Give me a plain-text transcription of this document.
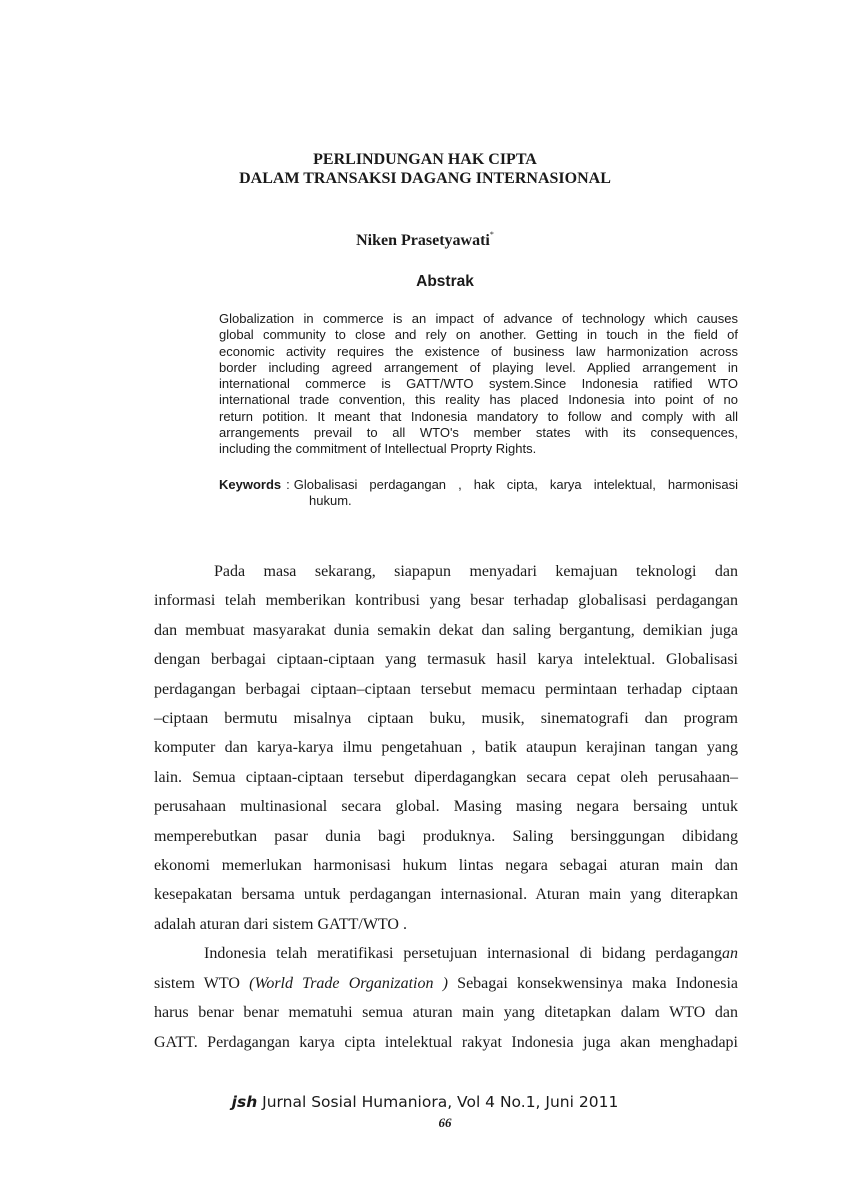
PERLINDUNGAN HAK CIPTA
DALAM TRANSAKSI DAGANG INTERNASIONAL
Niken Prasetyawati*
Abstrak
Globalization in commerce is an impact of advance of technology which causes
global community to close and rely on another. Getting in touch in the field of
economic activity requires the existence of business law harmonization across
border including agreed arrangement of playing level. Applied arrangement in
international commerce is GATT/WTO system.Since Indonesia ratified WTO
international trade convention, this reality has placed Indonesia into point of no
return potition. It meant that Indonesia mandatory to follow and comply with all
arrangements prevail to all WTO's member states with its consequences,
including the commitment of Intellectual Proprty Rights.
Keywords : Globalisasi perdagangan , hak cipta, karya intelektual, harmonisasi
hukum.
Pada masa sekarang, siapapun menyadari kemajuan teknologi dan
informasi telah memberikan kontribusi yang besar terhadap globalisasi perdagangan
dan membuat masyarakat dunia semakin dekat dan saling bergantung, demikian juga
dengan berbagai ciptaan-ciptaan yang termasuk hasil karya intelektual. Globalisasi
perdagangan berbagai ciptaan–ciptaan tersebut memacu permintaan terhadap ciptaan
–ciptaan bermutu misalnya ciptaan buku, musik, sinematografi dan program
komputer dan karya-karya ilmu pengetahuan , batik ataupun kerajinan tangan yang
lain. Semua ciptaan-ciptaan tersebut diperdagangkan secara cepat oleh perusahaan–
perusahaan multinasional secara global. Masing masing negara bersaing untuk
memperebutkan pasar dunia bagi produknya. Saling bersinggungan dibidang
ekonomi memerlukan harmonisasi hukum lintas negara sebagai aturan main dan
kesepakatan bersama untuk perdagangan internasional. Aturan main yang diterapkan
adalah aturan dari sistem GATT/WTO .
Indonesia telah meratifikasi persetujuan internasional di bidang perdagangan
sistem WTO (World Trade Organization ) Sebagai konsekwensinya maka Indonesia
harus benar benar mematuhi semua aturan main yang ditetapkan dalam WTO dan
GATT. Perdagangan karya cipta intelektual rakyat Indonesia juga akan menghadapi
jsh Jurnal Sosial Humaniora, Vol 4 No.1, Juni 2011
66
